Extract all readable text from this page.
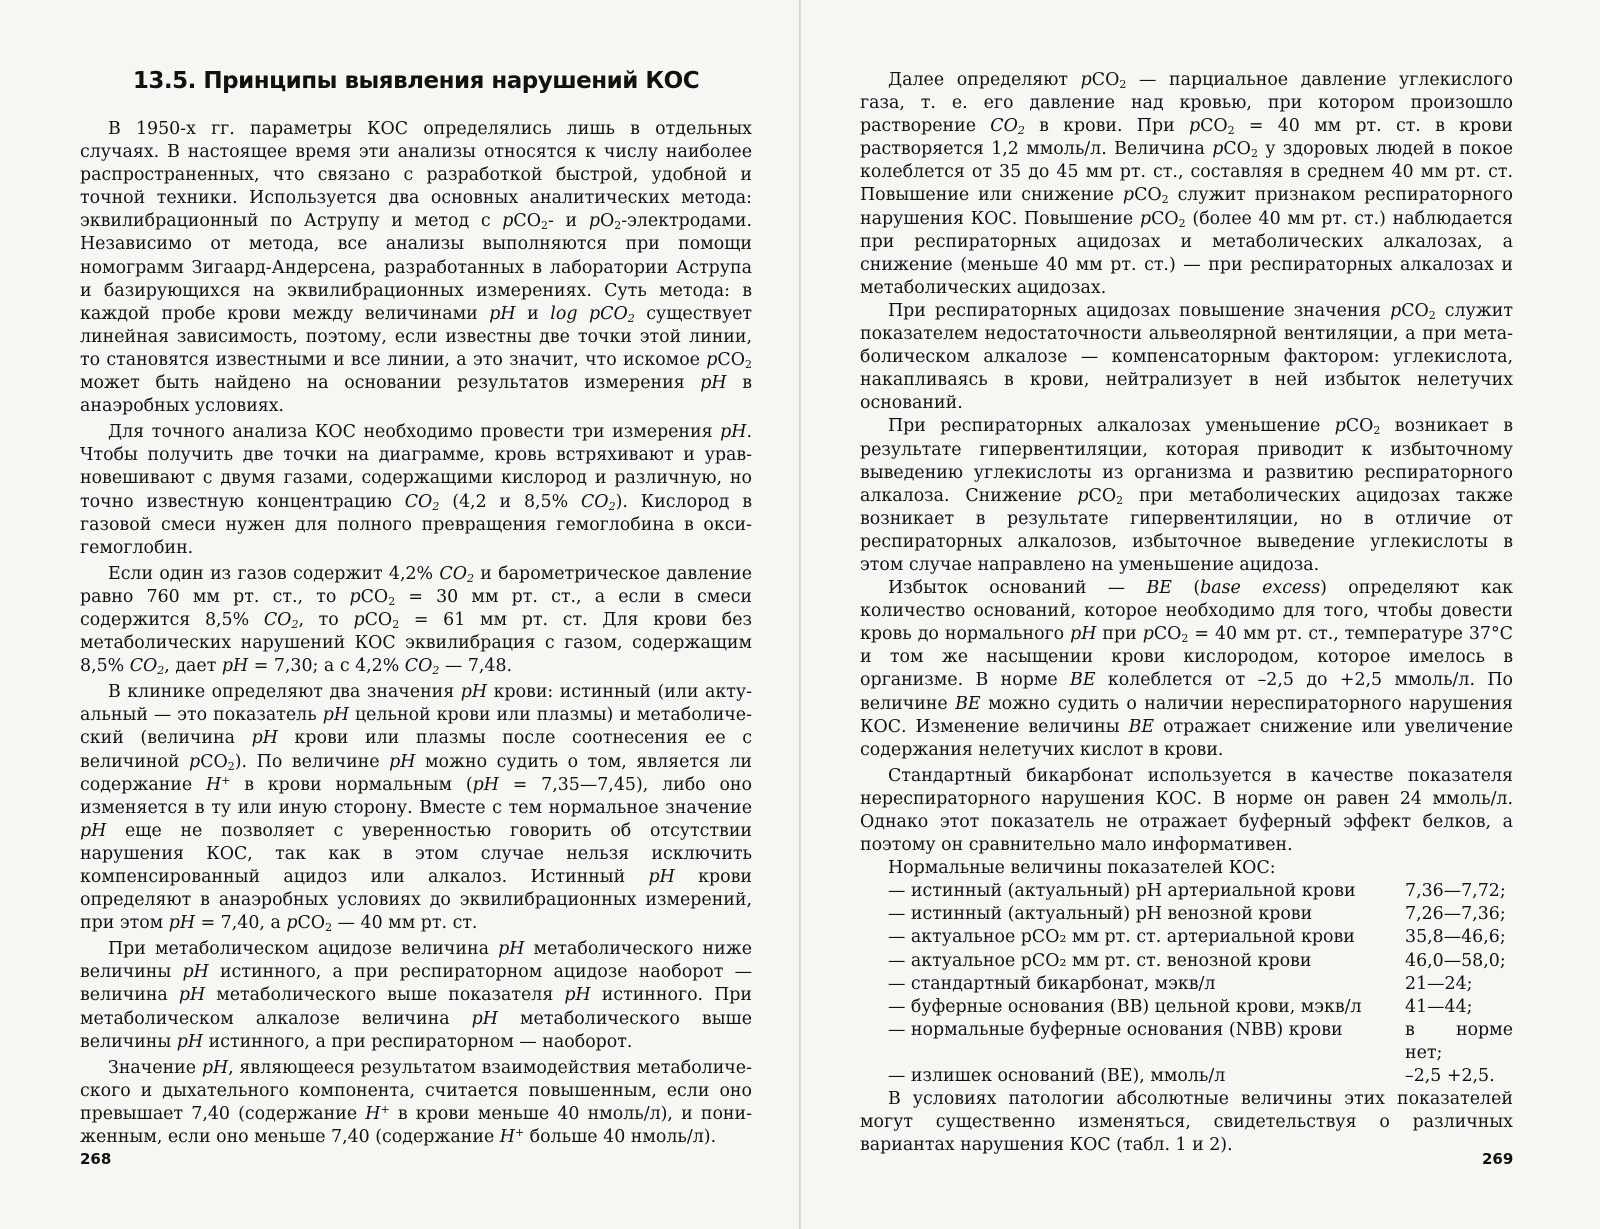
13.5. Принципы выявления нарушений КОС

В 1950-х гг. параметры КОС определялись лишь в отдельных случаях. В настоящее время эти анализы относятся к числу наиболее распространенных, что связано с разработкой быстрой, удобной и точной техники. Используется два основных аналитических метода: эквилибрационный по Аструпу и метод с pCO$_2$- и $pO_2$-электродами. Независимо от метода, все анализы выполняются при помощи номограмм Зигаард-Андерсена, разработанных в лаборатории Аструпа и базирующихся на эквилибрационных измерениях. Суть метода: в каждой пробе крови между величинами pH и log pCO$_2$ существует линейная зависимость, поэтому, если известны две точки этой линии, то становятся известными и все линии, а это значит, что искомое pCO$_2$ может быть найдено на основании результатов измерения pH в анаэробных условиях.

Для точного анализа КОС необходимо провести три измерения pH. Чтобы получить две точки на диаграмме, кровь встряхивают и уравновешивают с двумя газами, содержащими кислород и различную, но точно известную концентрацию $CO_2$ (4,2 и 8,5% $CO_2$). Кислород в газовой смеси нужен для полного превращения гемоглобина в оксигемоглобин.

Если один из газов содержит 4,2% $CO_2$ и барометрическое давление равно 760 мм рт. ст., то pCO$_2$ = 30 мм рт. ст., а если в смеси содержится 8,5% $CO_2$, то pCO$_2$ = 61 мм рт. ст. Для крови без метаболических нарушений КОС эквилибрация с газом, содержащим 8,5% $CO_2$, дает pH = 7,30; а с 4,2% $CO_2$ — 7,48.

В клинике определяют два значения pH крови: истинный (или актуальный — это показатель pH цельной крови или плазмы) и метаболический (величина pH крови или плазмы после соотнесения ее с величиной pCO$_2$). По величине pH можно судить о том, является ли содержание H+ в крови нормальным (pH = 7,35—7,45), либо оно изменяется в ту или иную сторону. Вместе с тем нормальное значение pH еще не позволяет с уверенностью говорить об отсутствии нарушения КОС, так как в этом случае нельзя исключить компенсированный ацидоз или алкалоз. Истинный pH крови определяют в анаэробных условиях до эквилибрационных измерений, при этом pH = 7,40, а pCO$_2$ — 40 мм рт. ст.

При метаболическом ацидозе величина pH метаболического ниже величины pH истинного, а при респираторном ацидозе наоборот — величина pH метаболического выше показателя pH истинного. При метаболическом алкалозе величина pH метаболического выше величины pH истинного, а при респираторном — наоборот.

Значение pH, являющееся результатом взаимодействия метаболического и дыхательного компонента, считается повышенным, если оно превышает 7,40 (содержание H+ в крови меньше 40 нмоль/л), и пониженным, если оно меньше 7,40 (содержание H+ больше 40 нмоль/л).

268

Далее определяют pCO$_2$ — парциальное давление углекислого газа, т. е. его давление над кровью, при котором произошло растворение $CO_2$ в крови. При pCO$_2$ = 40 мм рт. ст. в крови растворяется 1,2 ммоль/л. Величина pCO$_2$ у здоровых людей в покое колеблется от 35 до 45 мм рт. ст., составляя в среднем 40 мм рт. ст. Повышение или снижение pCO$_2$ служит признаком респираторного нарушения КОС. Повышение pCO$_2$ (более 40 мм рт. ст.) наблюдается при респираторных ацидозах и метаболических алкалозах, а снижение (меньше 40 мм рт. ст.) — при респираторных алкалозах и метаболических ацидозах.

При респираторных ацидозах повышение значения pCO$_2$ служит показателем недостаточности альвеолярной вентиляции, а при метаболическом алкалозе — компенсаторным фактором: углекислота, накапливаясь в крови, нейтрализует в ней избыток нелетучих оснований.

При респираторных алкалозах уменьшение pCO$_2$ возникает в результате гипервентиляции, которая приводит к избыточному выведению углекислоты из организма и развитию респираторного алкалоза. Снижение pCO$_2$ при метаболических ацидозах также возникает в результате гипервентиляции, но в отличие от респираторных алкалозов, избыточное выведение углекислоты в этом случае направлено на уменьшение ацидоза.

Избыток оснований — BE (base excess) определяют как количество оснований, которое необходимо для того, чтобы довести кровь до нормального pH при pCO$_2$ = 40 мм рт. ст., температуре 37°С и том же насыщении крови кислородом, которое имелось в организме. В норме BE колеблется от –2,5 до +2,5 ммоль/л. По величине BE можно судить о наличии нереспираторного нарушения КОС. Изменение величины BE отражает снижение или увеличение содержания нелетучих кислот в крови.

Стандартный бикарбонат используется в качестве показателя нереспираторного нарушения КОС. В норме он равен 24 ммоль/л. Однако этот показатель не отражает буферный эффект белков, а поэтому он сравнительно мало информативен.

Нормальные величины показателей КОС:

— истинный (актуальный) pH артериальной крови	7,36—7,72;
— истинный (актуальный) pH венозной крови	7,26—7,36;
— актуальное pCO₂ мм рт. ст. артериальной крови	35,8—46,6;
— актуальное pCO₂ мм рт. ст. венозной крови	46,0—58,0;
— стандартный бикарбонат, мэкв/л	21—24;
— буферные основания (BB) цельной крови, мэкв/л 41—44;
— нормальные буферные основания (NBB) крови	в норме нет;
— излишек оснований (BE), ммоль/л	–2,5 +2,5.

В условиях патологии абсолютные величины этих показателей могут существенно изменяться, свидетельствуя о различных вариантах нарушения КОС (табл. 1 и 2).

269
